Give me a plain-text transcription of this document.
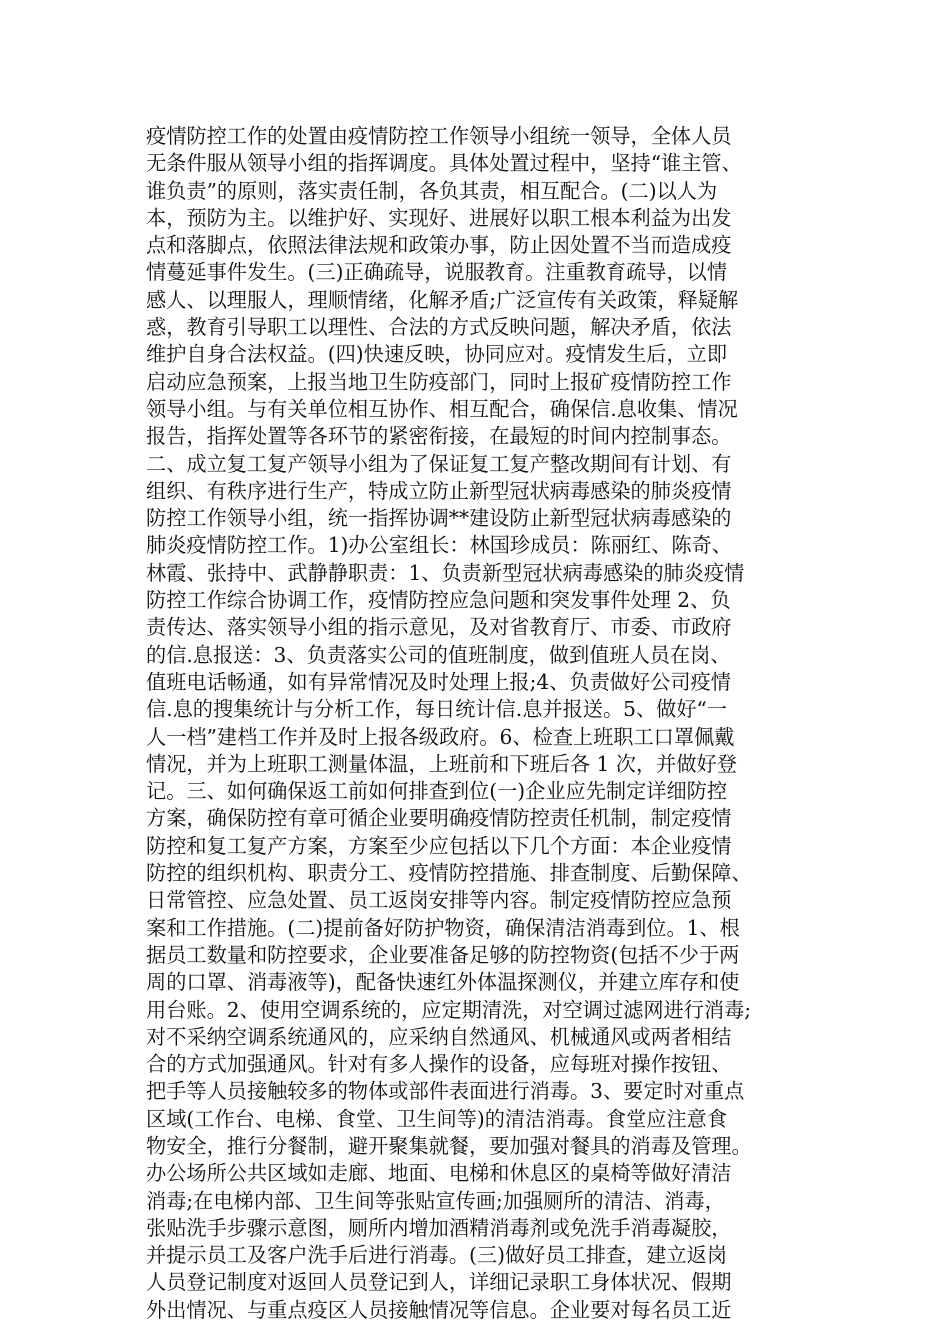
疫情防控工作的处置由疫情防控工作领导小组统一领导，全体人员
无条件服从领导小组的指挥调度。具体处置过程中，坚持“谁主管、
谁负责”的原则，落实责任制，各负其责，相互配合。(二)以人为
本，预防为主。以维护好、实现好、进展好以职工根本利益为出发
点和落脚点，依照法律法规和政策办事，防止因处置不当而造成疫
情蔓延事件发生。(三)正确疏导，说服教育。注重教育疏导，以情
感人、以理服人，理顺情绪，化解矛盾;广泛宣传有关政策，释疑解
惑，教育引导职工以理性、合法的方式反映问题，解决矛盾，依法
维护自身合法权益。(四)快速反映，协同应对。疫情发生后，立即
启动应急预案，上报当地卫生防疫部门，同时上报矿疫情防控工作
领导小组。与有关单位相互协作、相互配合，确保信.息收集、情况
报告，指挥处置等各环节的紧密衔接，在最短的时间内控制事态。
二、成立复工复产领导小组为了保证复工复产整改期间有计划、有
组织、有秩序进行生产，特成立防止新型冠状病毒感染的肺炎疫情
防控工作领导小组，统一指挥协调**建设防止新型冠状病毒感染的
肺炎疫情防控工作。1)办公室组长：林国珍成员：陈丽红、陈奇、
林霞、张持中、武静静职责：1、负责新型冠状病毒感染的肺炎疫情
防控工作综合协调工作，疫情防控应急问题和突发事件处理 2、负
责传达、落实领导小组的指示意见，及对省教育厅、市委、市政府
的信.息报送：3、负责落实公司的值班制度，做到值班人员在岗、
值班电话畅通，如有异常情况及时处理上报;4、负责做好公司疫情
信.息的搜集统计与分析工作，每日统计信.息并报送。5、做好“一
人一档”建档工作并及时上报各级政府。6、检查上班职工口罩佩戴
情况，并为上班职工测量体温，上班前和下班后各 1 次，并做好登
记。三、如何确保返工前如何排查到位(一)企业应先制定详细防控
方案，确保防控有章可循企业要明确疫情防控责任机制，制定疫情
防控和复工复产方案，方案至少应包括以下几个方面：本企业疫情
防控的组织机构、职责分工、疫情防控措施、排查制度、后勤保障、
日常管控、应急处置、员工返岗安排等内容。制定疫情防控应急预
案和工作措施。(二)提前备好防护物资，确保清洁消毒到位。1、根
据员工数量和防控要求，企业要准备足够的防控物资(包括不少于两
周的口罩、消毒液等)，配备快速红外体温探测仪，并建立库存和使
用台账。2、使用空调系统的，应定期清洗，对空调过滤网进行消毒;
对不采纳空调系统通风的，应采纳自然通风、机械通风或两者相结
合的方式加强通风。针对有多人操作的设备，应每班对操作按钮、
把手等人员接触较多的物体或部件表面进行消毒。3、要定时对重点
区域(工作台、电梯、食堂、卫生间等)的清洁消毒。食堂应注意食
物安全，推行分餐制，避开聚集就餐，要加强对餐具的消毒及管理。
办公场所公共区域如走廊、地面、电梯和休息区的桌椅等做好清洁
消毒;在电梯内部、卫生间等张贴宣传画;加强厕所的清洁、消毒，
张贴洗手步骤示意图，厕所内增加酒精消毒剂或免洗手消毒凝胶，
并提示员工及客户洗手后进行消毒。(三)做好员工排查，建立返岗
人员登记制度对返回人员登记到人，详细记录职工身体状况、假期
外出情况、与重点疫区人员接触情况等信息。企业要对每名员工近
